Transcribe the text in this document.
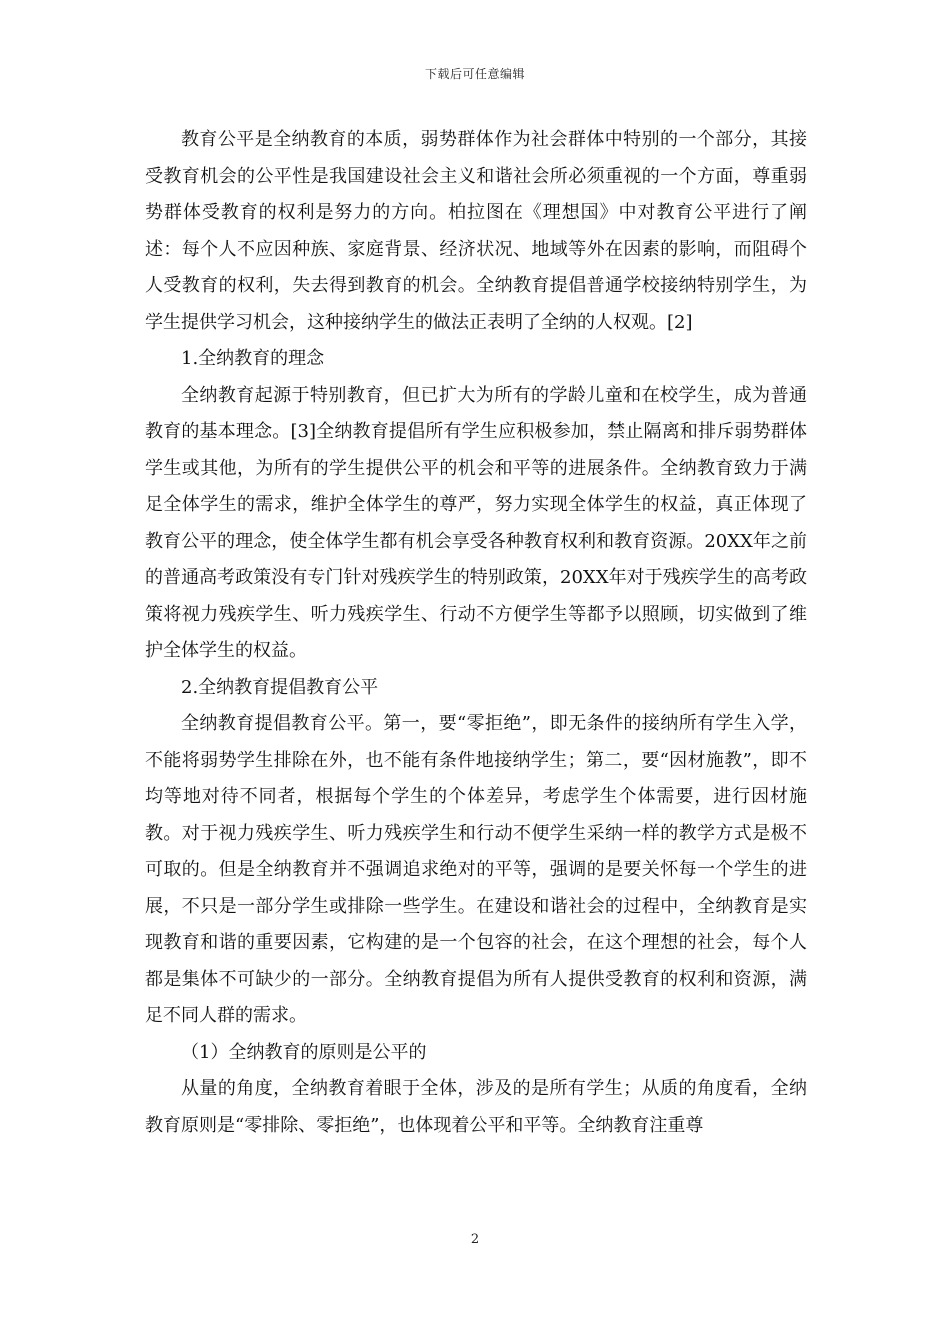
下载后可任意编辑

教育公平是全纳教育的本质，弱势群体作为社会群体中特别的一个部分，其接受教育机会的公平性是我国建设社会主义和谐社会所必须重视的一个方面，尊重弱势群体受教育的权利是努力的方向。柏拉图在《理想国》中对教育公平进行了阐述：每个人不应因种族、家庭背景、经济状况、地域等外在因素的影响，而阻碍个人受教育的权利，失去得到教育的机会。全纳教育提倡普通学校接纳特别学生，为学生提供学习机会，这种接纳学生的做法正表明了全纳的人权观。[2]

1.全纳教育的理念

全纳教育起源于特别教育，但已扩大为所有的学龄儿童和在校学生，成为普通教育的基本理念。[3]全纳教育提倡所有学生应积极参加，禁止隔离和排斥弱势群体学生或其他，为所有的学生提供公平的机会和平等的进展条件。全纳教育致力于满足全体学生的需求，维护全体学生的尊严，努力实现全体学生的权益，真正体现了教育公平的理念，使全体学生都有机会享受各种教育权利和教育资源。20XX年之前的普通高考政策没有专门针对残疾学生的特别政策，20XX年对于残疾学生的高考政策将视力残疾学生、听力残疾学生、行动不方便学生等都予以照顾，切实做到了维护全体学生的权益。

2.全纳教育提倡教育公平

全纳教育提倡教育公平。第一，要“零拒绝”，即无条件的接纳所有学生入学，不能将弱势学生排除在外，也不能有条件地接纳学生；第二，要“因材施教”，即不均等地对待不同者，根据每个学生的个体差异，考虑学生个体需要，进行因材施教。对于视力残疾学生、听力残疾学生和行动不便学生采纳一样的教学方式是极不可取的。但是全纳教育并不强调追求绝对的平等，强调的是要关怀每一个学生的进展，不只是一部分学生或排除一些学生。在建设和谐社会的过程中，全纳教育是实现教育和谐的重要因素，它构建的是一个包容的社会，在这个理想的社会，每个人都是集体不可缺少的一部分。全纳教育提倡为所有人提供受教育的权利和资源，满足不同人群的需求。

（1）全纳教育的原则是公平的

从量的角度，全纳教育着眼于全体，涉及的是所有学生；从质的角度看，全纳教育原则是“零排除、零拒绝”，也体现着公平和平等。全纳教育注重尊

2
